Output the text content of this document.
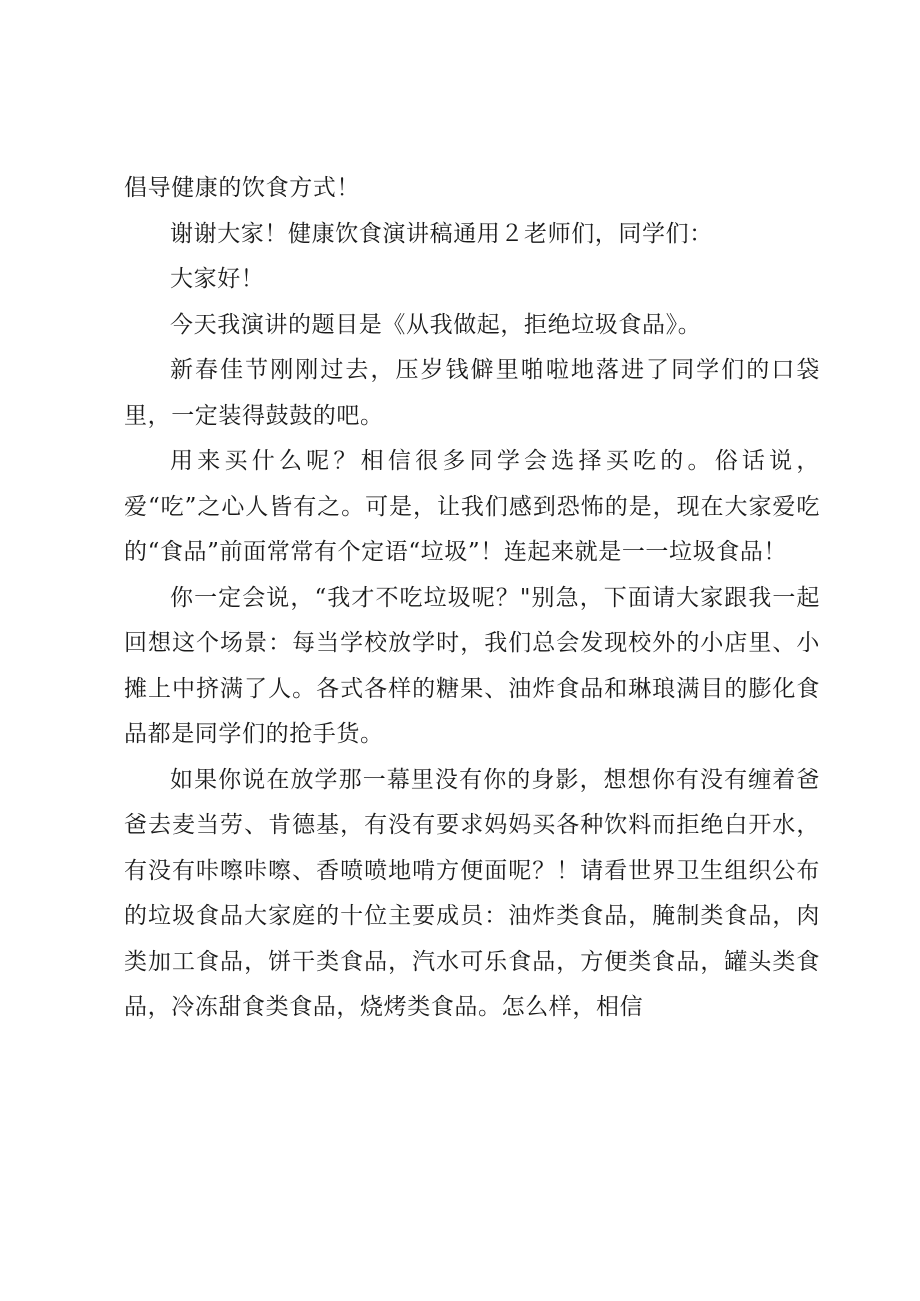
倡导健康的饮食方式！

谢谢大家！健康饮食演讲稿通用２老师们，同学们：

大家好！

今天我演讲的题目是《从我做起，拒绝垃圾食品》。

新春佳节刚刚过去，压岁钱僻里啪啦地落进了同学们的口袋里，一定装得鼓鼓的吧。

用来买什么呢？相信很多同学会选择买吃的。俗话说，爱“吃”之心人皆有之。可是，让我们感到恐怖的是，现在大家爱吃的“食品”前面常常有个定语“垃圾”！连起来就是一一垃圾食品！

你一定会说，“我才不吃垃圾呢？"别急，下面请大家跟我一起回想这个场景：每当学校放学时，我们总会发现校外的小店里、小摊上中挤满了人。各式各样的糖果、油炸食品和琳琅满目的膨化食品都是同学们的抢手货。

如果你说在放学那一幕里没有你的身影，想想你有没有缠着爸爸去麦当劳、肯德基，有没有要求妈妈买各种饮料而拒绝白开水，有没有咔嚓咔嚓、香喷喷地啃方便面呢？！请看世界卫生组织公布的垃圾食品大家庭的十位主要成员：油炸类食品，腌制类食品，肉类加工食品，饼干类食品，汽水可乐食品，方便类食品，罐头类食品，冷冻甜食类食品，烧烤类食品。怎么样，相信
